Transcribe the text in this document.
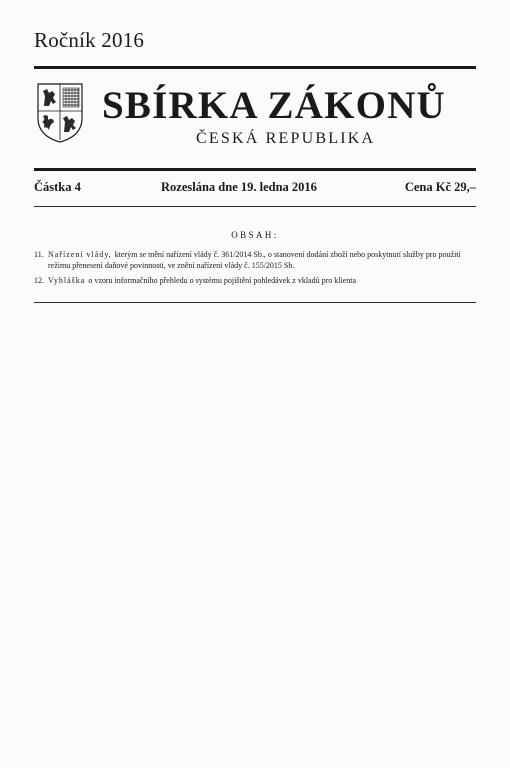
Ročník 2016
SBÍRKA ZÁKONŮ
ČESKÁ REPUBLIKA
Částka 4	Rozeslána dne 19. ledna 2016	Cena Kč 29,–
OBSAH:
11. Nařízení vlády, kterým se mění nařízení vlády č. 361/2014 Sb., o stanovení dodání zboží nebo poskytnutí služby pro použití režimu přenesení daňové povinnosti, ve znění nařízení vlády č. 155/2015 Sb.
12. Vyhláška o vzoru informačního přehledu o systému pojištění pohledávek z vkladů pro klienta
